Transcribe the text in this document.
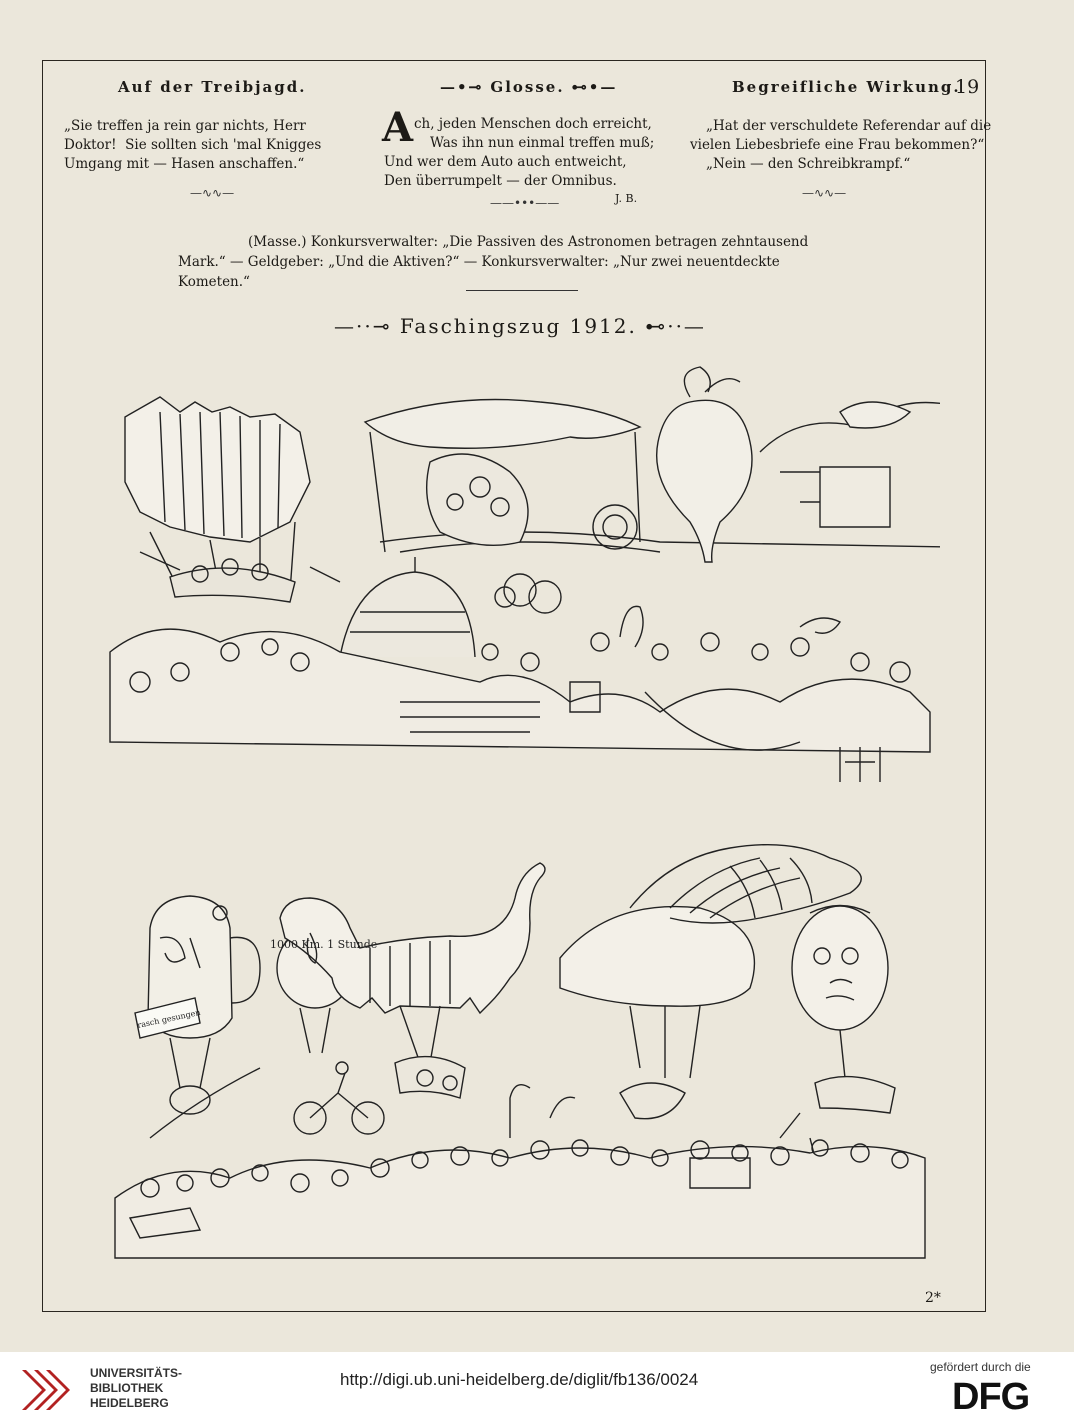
Auf der Treibjagd.	—•⊸ Glosse. ⊷•—	Begreifliche Wirkung.
19
„Sie treffen ja rein gar nichts, Herr
Doktor!  Sie sollten sich 'mal Knigges
Umgang mit — Hasen anschaffen.“
—∿∿—
A ch, jeden Menschen doch erreicht,
Was ihn nun einmal treffen muß;
Und wer dem Auto auch entweicht,
Den überrumpelt — der Omnibus.
——•••——	J. B.
„Hat der verschuldete Referendar auf die
vielen Liebesbriefe eine Frau bekommen?“
„Nein — den Schreibkrampf.“
—∿∿—
(Masse.) Konkursverwalter: „Die Passiven des Astronomen betragen zehntausend
Mark.“ — Geldgeber: „Und die Aktiven?“ — Konkursverwalter: „Nur zwei neuentdeckte
Kometen.“
—··⊸ Faschingszug 1912. ⊷··—
1000 Km. 1 Stunde
rasch gesungen
2*
UNIVERSITÄTS-
BIBLIOTHEK
HEIDELBERG
http://digi.ub.uni-heidelberg.de/diglit/fb136/0024
gefördert durch die
DFG
